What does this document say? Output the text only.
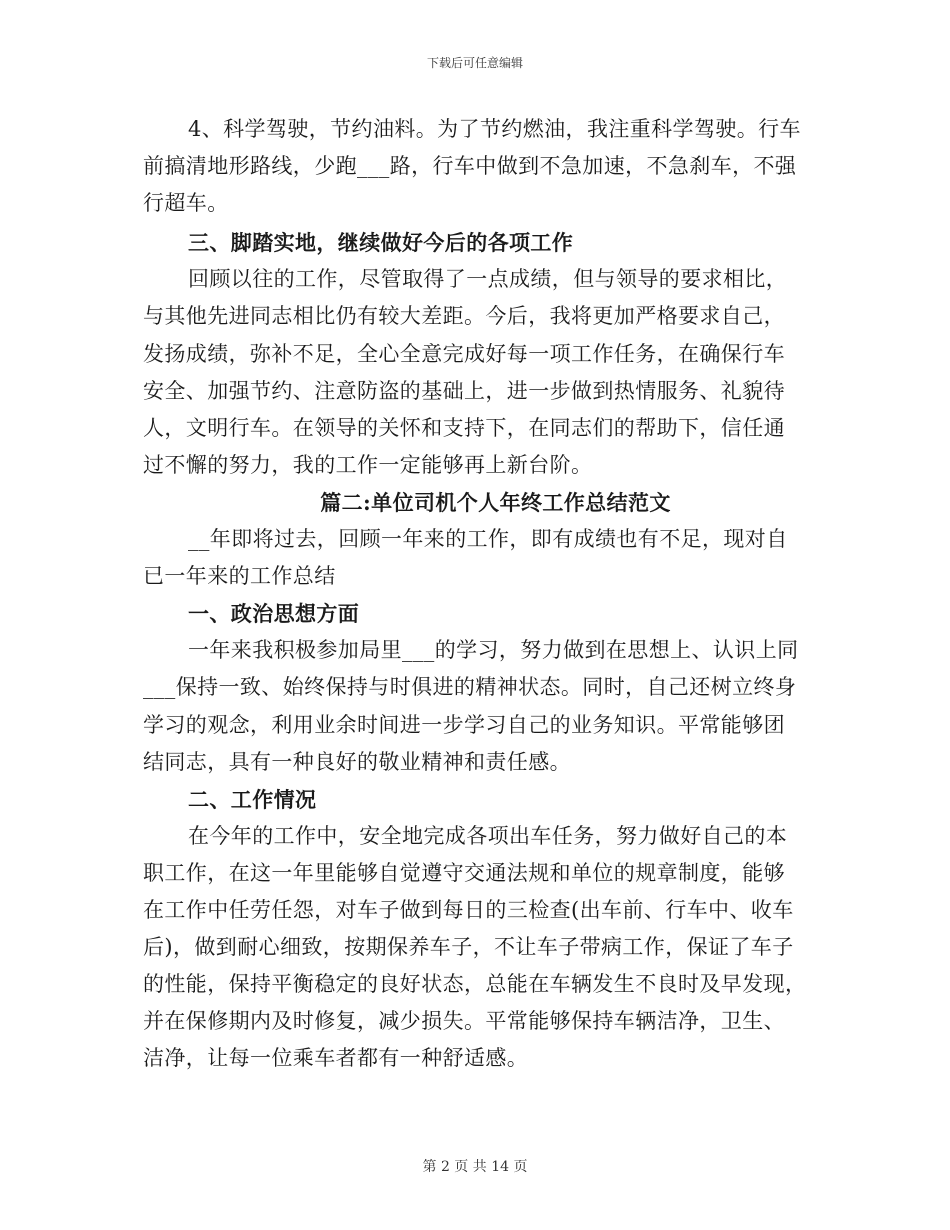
下载后可任意编辑
4、科学驾驶，节约油料。为了节约燃油，我注重科学驾驶。行车
前搞清地形路线，少跑___路，行车中做到不急加速，不急刹车，不强
行超车。
三、脚踏实地，继续做好今后的各项工作
回顾以往的工作，尽管取得了一点成绩，但与领导的要求相比，
与其他先进同志相比仍有较大差距。今后，我将更加严格要求自己，
发扬成绩，弥补不足，全心全意完成好每一项工作任务，在确保行车
安全、加强节约、注意防盗的基础上，进一步做到热情服务、礼貌待
人，文明行车。在领导的关怀和支持下，在同志们的帮助下，信任通
过不懈的努力，我的工作一定能够再上新台阶。
篇二:单位司机个人年终工作总结范文
__年即将过去，回顾一年来的工作，即有成绩也有不足，现对自
已一年来的工作总结
一、政治思想方面
一年来我积极参加局里___的学习，努力做到在思想上、认识上同
___保持一致、始终保持与时俱进的精神状态。同时，自己还树立终身
学习的观念，利用业余时间进一步学习自己的业务知识。平常能够团
结同志，具有一种良好的敬业精神和责任感。
二、工作情况
在今年的工作中，安全地完成各项出车任务，努力做好自己的本
职工作，在这一年里能够自觉遵守交通法规和单位的规章制度，能够
在工作中任劳任怨，对车子做到每日的三检查(出车前、行车中、收车
后)，做到耐心细致，按期保养车子，不让车子带病工作，保证了车子
的性能，保持平衡稳定的良好状态，总能在车辆发生不良时及早发现，
并在保修期内及时修复，减少损失。平常能够保持车辆洁净，卫生、
洁净，让每一位乘车者都有一种舒适感。
第 2 页 共 14 页
